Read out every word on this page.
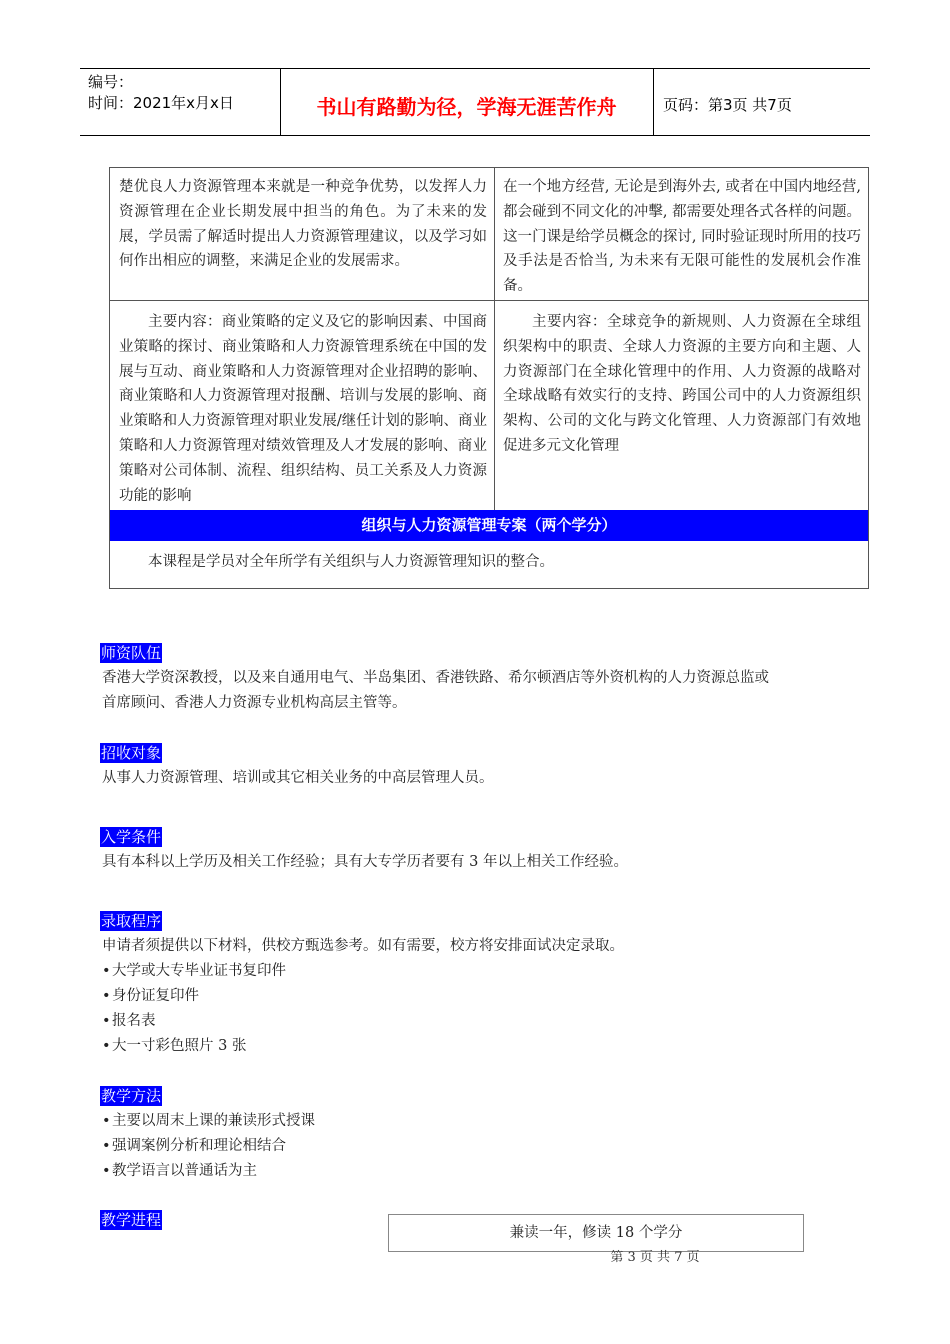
编号：
时间：2021年x月x日	书山有路勤为径，学海无涯苦作舟	页码：第3页 共7页

楚优良人力资源管理本来就是一种竞争优势，以发挥人力资源管理在企业长期发展中担当的角色。为了未来的发展，学员需了解适时提出人力资源管理建议，以及学习如何作出相应的调整，来满足企业的发展需求。

在一个地方经营, 无论是到海外去, 或者在中国内地经营, 都会碰到不同文化的冲擊, 都需要处理各式各样的问题。这一门课是给学员概念的探讨, 同时验证现时所用的技巧及手法是否恰当, 为未来有无限可能性的发展机会作准备。

主要内容：商业策略的定义及它的影响因素、中国商业策略的探讨、商业策略和人力资源管理系统在中国的发展与互动、商业策略和人力资源管理对企业招聘的影响、商业策略和人力资源管理对报酬、培训与发展的影响、商业策略和人力资源管理对职业发展/继任计划的影响、商业策略和人力资源管理对绩效管理及人才发展的影响、商业策略对公司体制、流程、组织结构、员工关系及人力资源功能的影响

主要内容：全球竞争的新规则、人力资源在全球组织架构中的职责、全球人力资源的主要方向和主题、人力资源部门在全球化管理中的作用、人力资源的战略对全球战略有效实行的支持、跨国公司中的人力资源组织架构、公司的文化与跨文化管理、人力资源部门有效地促进多元文化管理

组织与人力资源管理专案（两个学分）

本课程是学员对全年所学有关组织与人力资源管理知识的整合。

师资队伍

香港大学资深教授，以及来自通用电气、半岛集团、香港铁路、希尔顿酒店等外资机构的人力资源总监或

首席顾问、香港人力资源专业机构高层主管等。

招收对象

从事人力资源管理、培训或其它相关业务的中高层管理人员。

入学条件

具有本科以上学历及相关工作经验；具有大专学历者要有 3 年以上相关工作经验。

录取程序

申请者须提供以下材料，供校方甄选参考。如有需要，校方将安排面试决定录取。

• 大学或大专毕业证书复印件

• 身份证复印件

• 报名表

• 大一寸彩色照片 3 张

教学方法

• 主要以周末上课的兼读形式授课

• 强调案例分析和理论相结合

• 教学语言以普通话为主

教学进程
兼读一年，修读 18 个学分
第 3 页 共 7 页
